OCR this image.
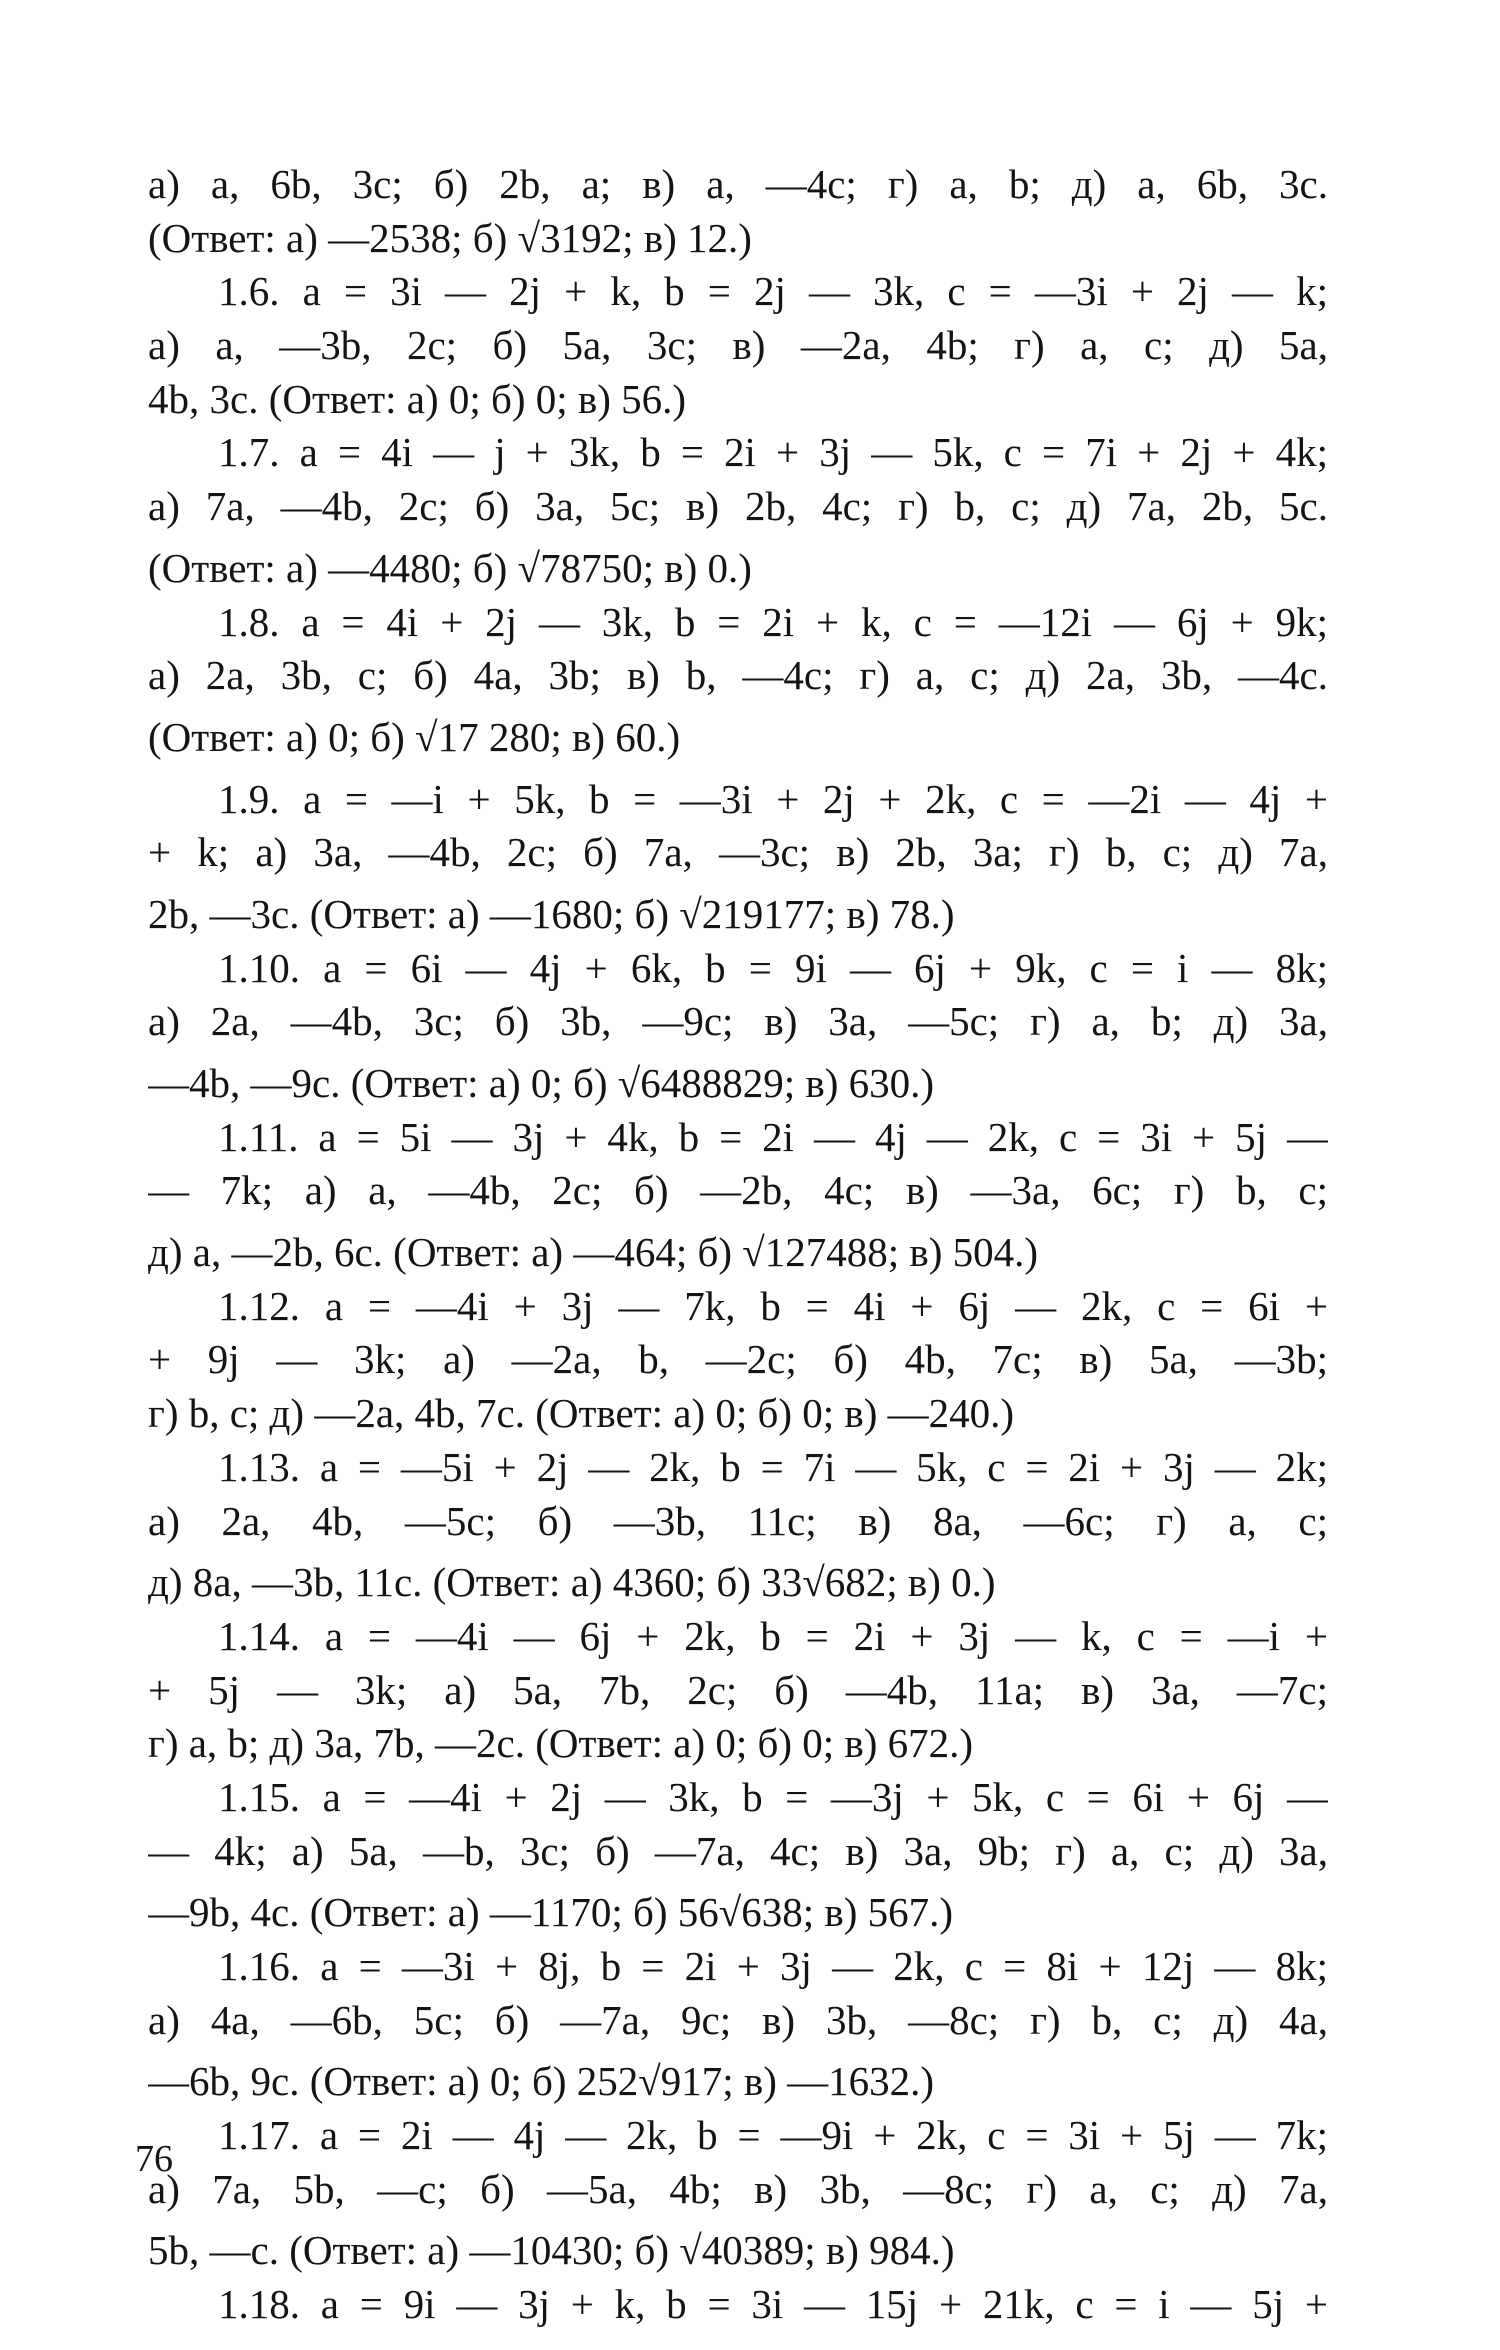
а) a, 6b, 3c; б) 2b, a; в) a, —4c; г) a, b; д) a, 6b, 3c.
(Ответ: а) —2538; б) √3192; в) 12.)
1.6. a = 3i — 2j + k, b = 2j — 3k, c = —3i + 2j — k;
а) a, —3b, 2c; б) 5a, 3c; в) —2a, 4b; г) a, c; д) 5a,
4b, 3c. (Ответ: а) 0; б) 0; в) 56.)
1.7. a = 4i — j + 3k, b = 2i + 3j — 5k, c = 7i + 2j + 4k;
а) 7a, —4b, 2c; б) 3a, 5c; в) 2b, 4c; г) b, c; д) 7a, 2b, 5c.
(Ответ: а) —4480; б) √78750; в) 0.)
1.8. a = 4i + 2j — 3k, b = 2i + k, c = —12i — 6j + 9k;
а) 2a, 3b, c; б) 4a, 3b; в) b, —4c; г) a, c; д) 2a, 3b, —4c.
(Ответ: а) 0; б) √17 280; в) 60.)
1.9. a = —i + 5k, b = —3i + 2j + 2k, c = —2i — 4j +
+ k; а) 3a, —4b, 2c; б) 7a, —3c; в) 2b, 3a; г) b, c; д) 7a,
2b, —3c. (Ответ: а) —1680; б) √219177; в) 78.)
1.10. a = 6i — 4j + 6k, b = 9i — 6j + 9k, c = i — 8k;
а) 2a, —4b, 3c; б) 3b, —9c; в) 3a, —5c; г) a, b; д) 3a,
—4b, —9c. (Ответ: а) 0; б) √6488829; в) 630.)
1.11. a = 5i — 3j + 4k, b = 2i — 4j — 2k, c = 3i + 5j —
— 7k; а) a, —4b, 2c; б) —2b, 4c; в) —3a, 6c; г) b, c;
д) a, —2b, 6c. (Ответ: а) —464; б) √127488; в) 504.)
1.12. a = —4i + 3j — 7k, b = 4i + 6j — 2k, c = 6i +
+ 9j — 3k; а) —2a, b, —2c; б) 4b, 7c; в) 5a, —3b;
г) b, c; д) —2a, 4b, 7c. (Ответ: а) 0; б) 0; в) —240.)
1.13. a = —5i + 2j — 2k, b = 7i — 5k, c = 2i + 3j — 2k;
а) 2a, 4b, —5c; б) —3b, 11c; в) 8a, —6c; г) a, c;
д) 8a, —3b, 11c. (Ответ: а) 4360; б) 33√682; в) 0.)
1.14. a = —4i — 6j + 2k, b = 2i + 3j — k, c = —i +
+ 5j — 3k; а) 5a, 7b, 2c; б) —4b, 11a; в) 3a, —7c;
г) a, b; д) 3a, 7b, —2c. (Ответ: а) 0; б) 0; в) 672.)
1.15. a = —4i + 2j — 3k, b = —3j + 5k, c = 6i + 6j —
— 4k; а) 5a, —b, 3c; б) —7a, 4c; в) 3a, 9b; г) a, c; д) 3a,
—9b, 4c. (Ответ: а) —1170; б) 56√638; в) 567.)
1.16. a = —3i + 8j, b = 2i + 3j — 2k, c = 8i + 12j — 8k;
а) 4a, —6b, 5c; б) —7a, 9c; в) 3b, —8c; г) b, c; д) 4a,
—6b, 9c. (Ответ: а) 0; б) 252√917; в) —1632.)
1.17. a = 2i — 4j — 2k, b = —9i + 2k, c = 3i + 5j — 7k;
а) 7a, 5b, —c; б) —5a, 4b; в) 3b, —8c; г) a, c; д) 7a,
5b, —c. (Ответ: а) —10430; б) √40389; в) 984.)
1.18. a = 9i — 3j + k, b = 3i — 15j + 21k, c = i — 5j +
76
